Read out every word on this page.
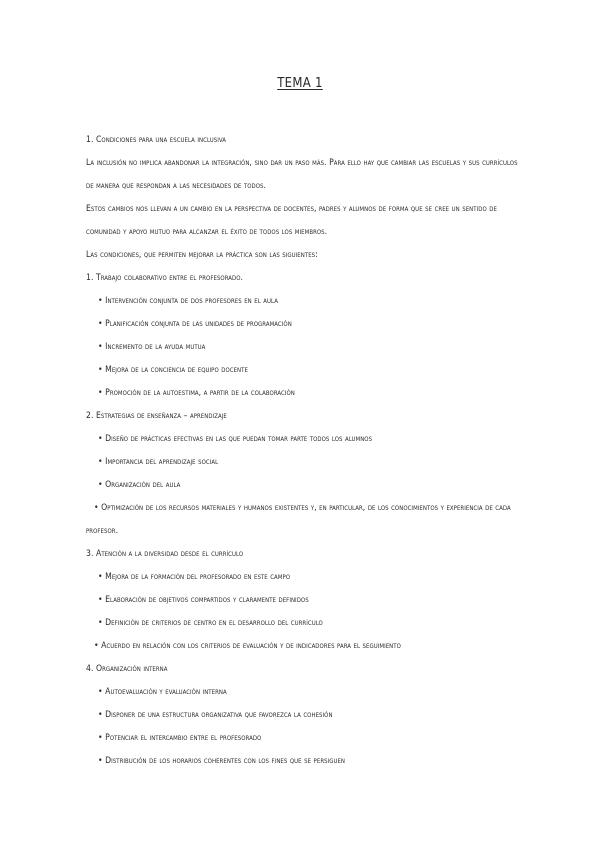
TEMA 1
1. Condiciones para una escuela inclusiva
La inclusión no implica abandonar la integración, sino dar un paso más. Para ello hay que cambiar las escuelas y sus currículos de manera que respondan a las necesidades de todos.
Estos cambios nos llevan a un cambio en la perspectiva de docentes, padres y alumnos de forma que se cree un sentido de comunidad y apoyo mutuo para alcanzar el éxito de todos los miembros.
Las condiciones, que permiten mejorar la práctica son las siguientes:
1. Trabajo colaborativo entre el profesorado.
• Intervención conjunta de dos profesores en el aula
• Planificación conjunta de las unidades de programación
• Incremento de la ayuda mutua
• Mejora de la conciencia de equipo docente
• Promoción de la autoestima, a partir de la colaboración
2. Estrategias de enseñanza – aprendizaje
• Diseño de prácticas efectivas en las que puedan tomar parte todos los alumnos
• Importancia del aprendizaje social
• Organización del aula
• Optimización de los recursos materiales y humanos existentes y, en particular, de los conocimientos y experiencia de cada profesor.
3. Atención a la diversidad desde el currículo
• Mejora de la formación del profesorado en este campo
• Elaboración de objetivos compartidos y claramente definidos
• Definición de criterios de centro en el desarrollo del currículo
• Acuerdo en relación con los criterios de evaluación y de indicadores para el seguimiento
4. Organización interna
• Autoevaluación y evaluación interna
• Disponer de una estructura organizativa que favorezca la cohesión
• Potenciar el intercambio entre el profesorado
• Distribución de los horarios coherentes con los fines que se persiguen
